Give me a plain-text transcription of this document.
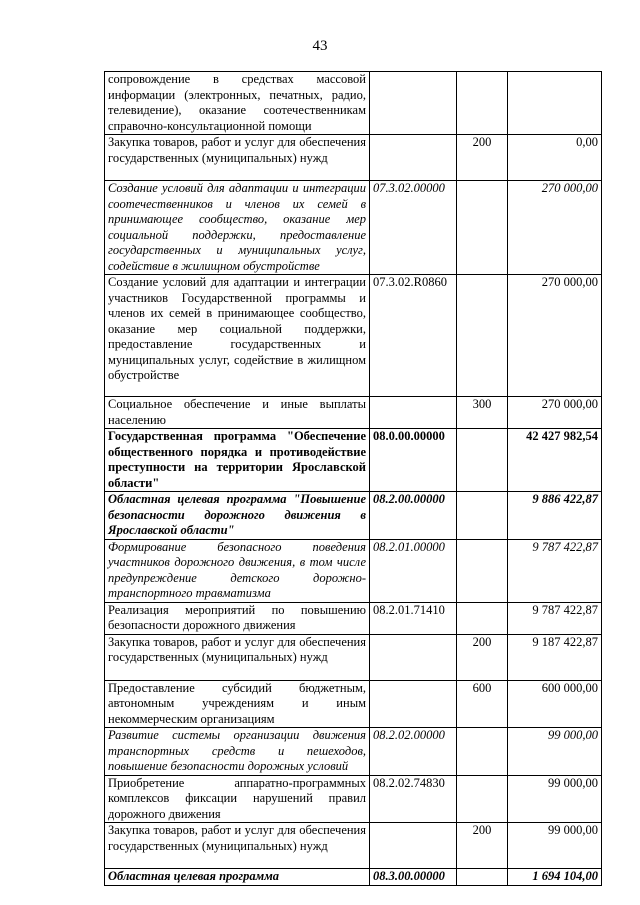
43
сопровождение в средствах массовой информации (электронных, печатных, радио, телевидение), оказание соотечественникам справочно-консультационной помощи			
Закупка товаров, работ и услуг для обеспечения государственных (муниципальных) нужд		200	0,00
Создание условий для адаптации и интеграции соотечественников и членов их семей в принимающее сообщество, оказание мер социальной поддержки, предоставление государственных и муниципальных услуг, содействие в жилищном обустройстве	07.3.02.00000		270 000,00
Создание условий для адаптации и интеграции участников Государственной программы и членов их семей в принимающее сообщество, оказание мер социальной поддержки, предоставление государственных и муниципальных услуг, содействие в жилищном обустройстве	07.3.02.R0860		270 000,00
Социальное обеспечение и иные выплаты населению		300	270 000,00
Государственная программа "Обеспечение общественного порядка и противодействие преступности на территории Ярославской области"	08.0.00.00000		42 427 982,54
Областная целевая программа "Повышение безопасности дорожного движения в Ярославской области"	08.2.00.00000		9 886 422,87
Формирование безопасного поведения участников дорожного движения, в том числе предупреждение детского дорожно-транспортного травматизма	08.2.01.00000		9 787 422,87
Реализация мероприятий по повышению безопасности дорожного движения	08.2.01.71410		9 787 422,87
Закупка товаров, работ и услуг для обеспечения государственных (муниципальных) нужд		200	9 187 422,87
Предоставление субсидий бюджетным, автономным учреждениям и иным некоммерческим организациям		600	600 000,00
Развитие системы организации движения транспортных средств и пешеходов, повышение безопасности дорожных условий	08.2.02.00000		99 000,00
Приобретение аппаратно-программных комплексов фиксации нарушений правил дорожного движения	08.2.02.74830		99 000,00
Закупка товаров, работ и услуг для обеспечения государственных (муниципальных) нужд		200	99 000,00
Областная целевая программа	08.3.00.00000		1 694 104,00
